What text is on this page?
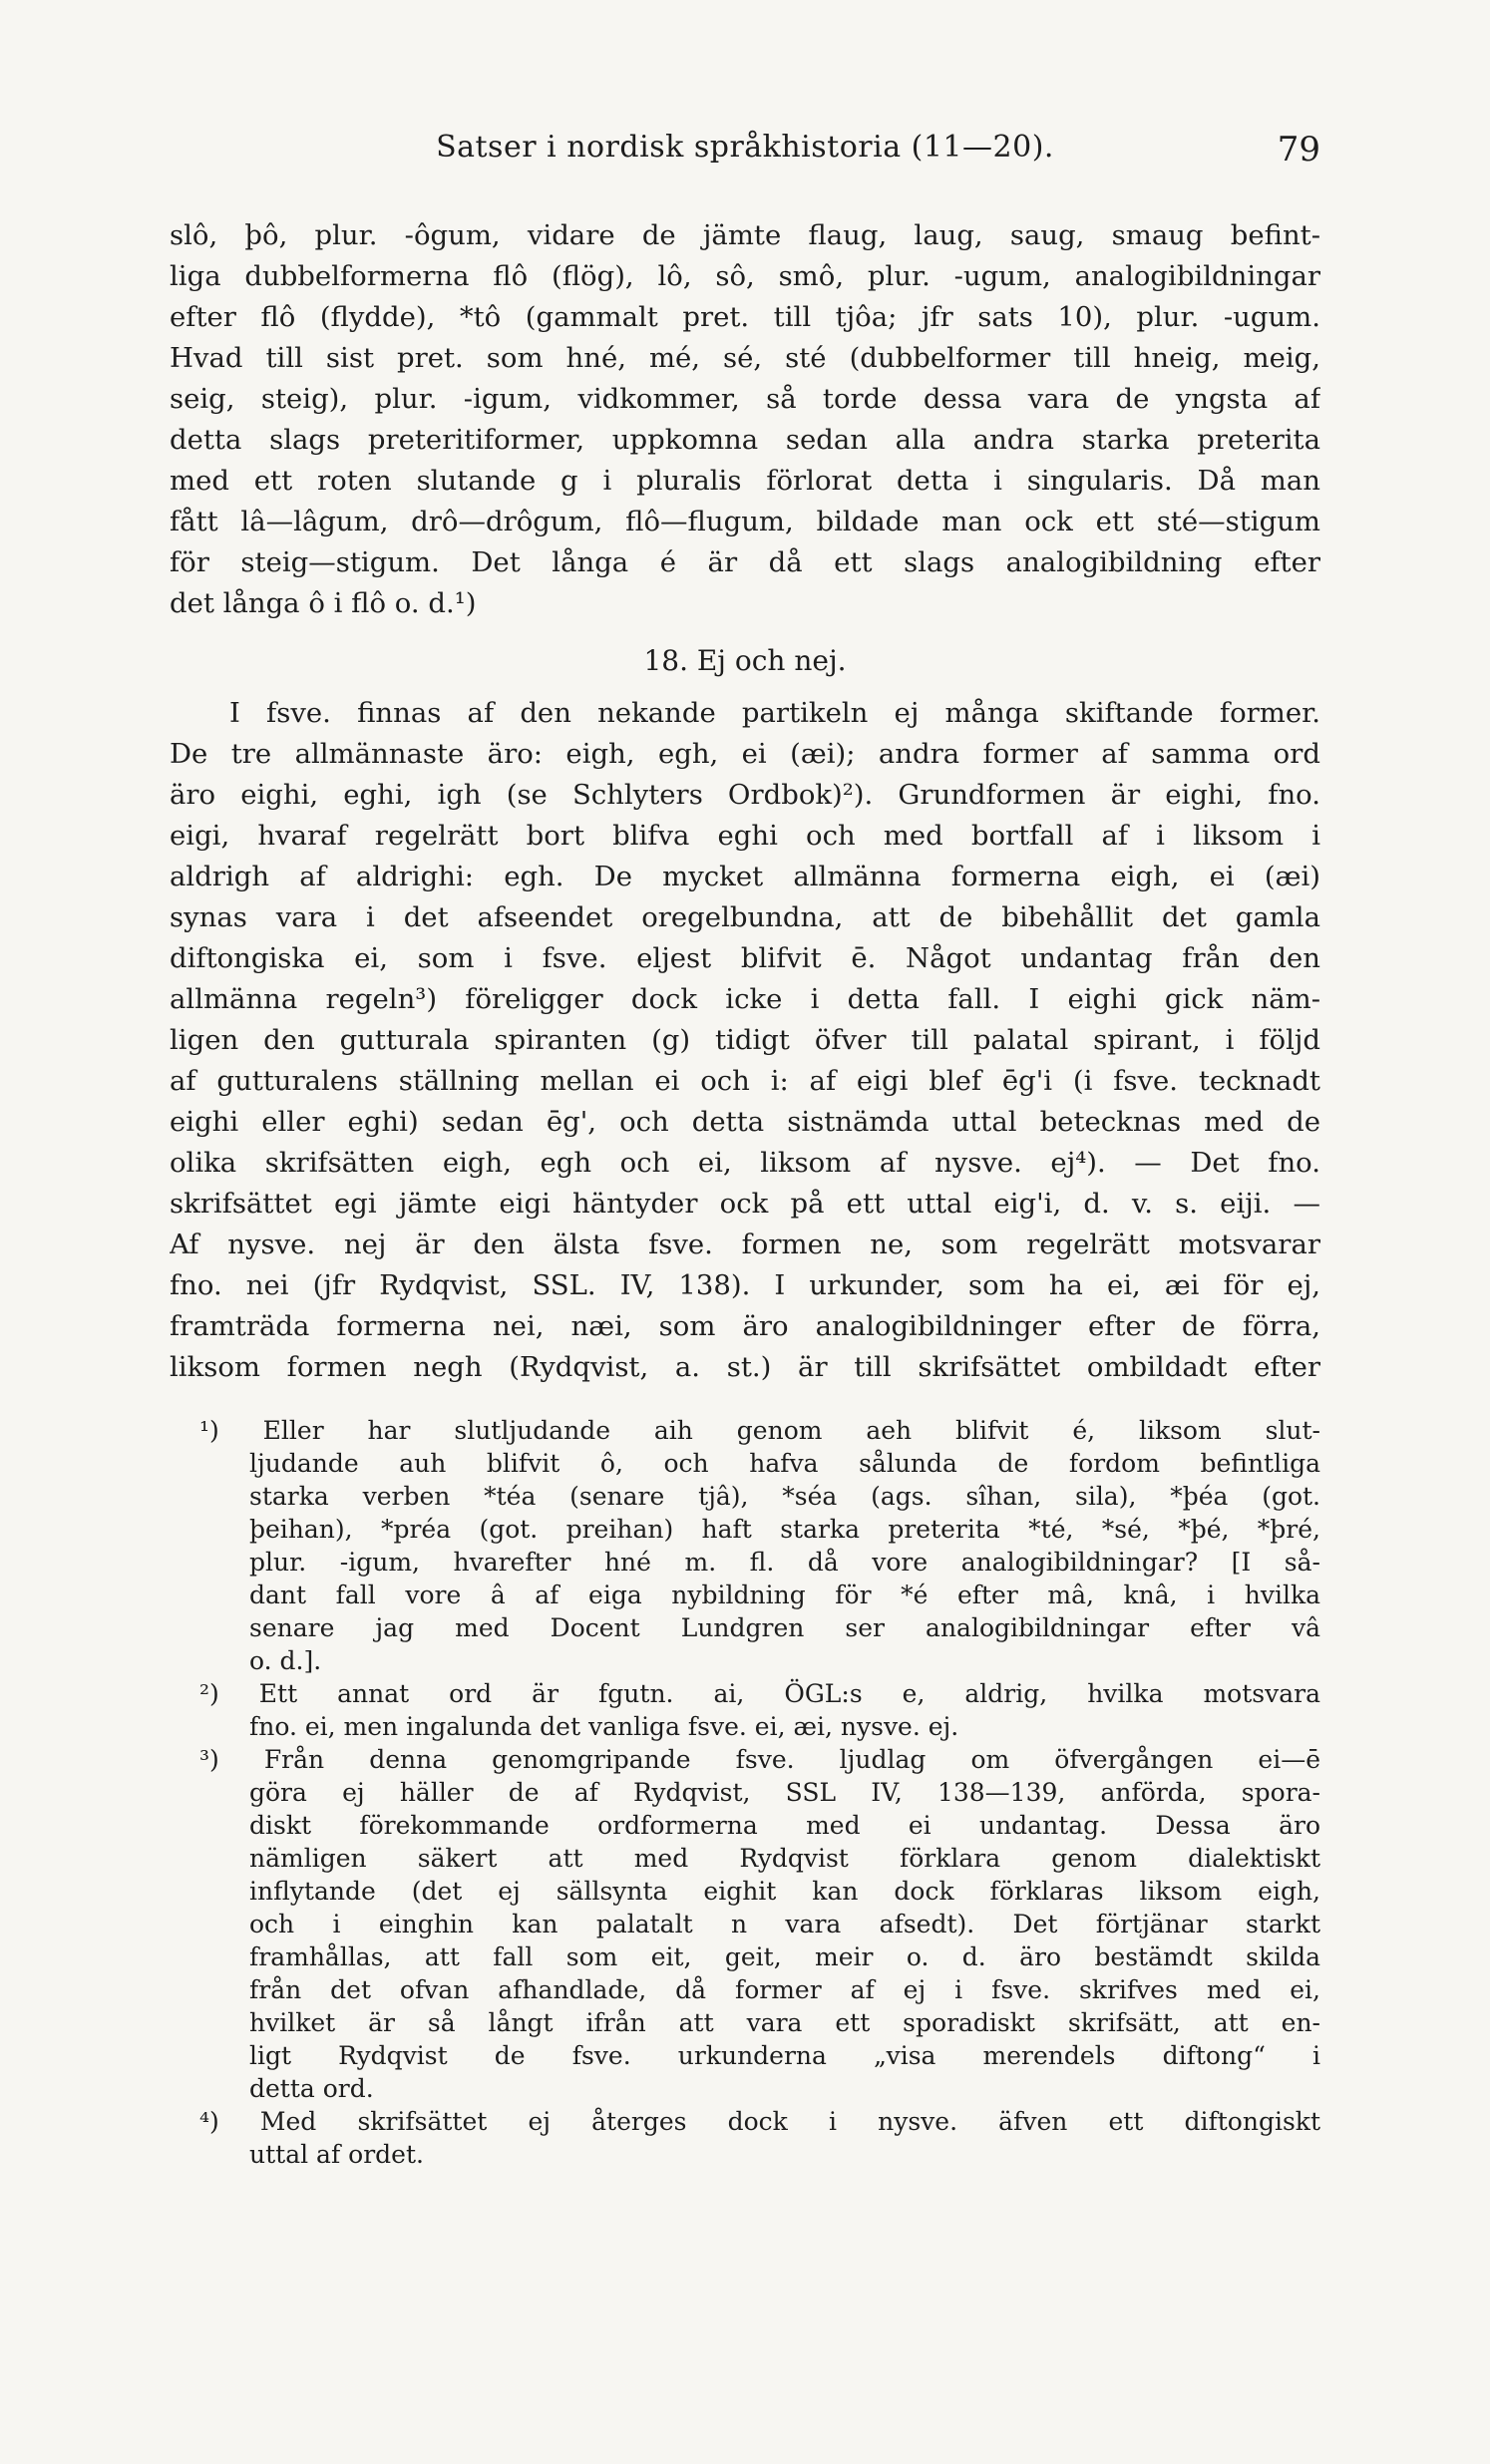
Satser i nordisk språkhistoria (11—20).	79
slô, þô, plur. -ôgum, vidare de jämte flaug, laug, saug, smaug befint-
liga dubbelformerna flô (flög), lô, sô, smô, plur. -ugum, analogibildningar
efter flô (flydde), *tô (gammalt pret. till tjôa; jfr sats 10), plur. -ugum.
Hvad till sist pret. som hné, mé, sé, sté (dubbelformer till hneig, meig,
seig, steig), plur. -igum, vidkommer, så torde dessa vara de yngsta af
detta slags preteritiformer, uppkomna sedan alla andra starka preterita
med ett roten slutande g i pluralis förlorat detta i singularis. Då man
fått lâ—lâgum, drô—drôgum, flô—flugum, bildade man ock ett sté—stigum
för steig—stigum. Det långa é är då ett slags analogibildning efter
det långa ô i flô o. d.¹)
18. Ej och nej.
I fsve. finnas af den nekande partikeln ej många skiftande former.
De tre allmännaste äro: eigh, egh, ei (æi); andra former af samma ord
äro eighi, eghi, igh (se Schlyters Ordbok)²). Grundformen är eighi, fno.
eigi, hvaraf regelrätt bort blifva eghi och med bortfall af i liksom i
aldrigh af aldrighi: egh. De mycket allmänna formerna eigh, ei (æi)
synas vara i det afseendet oregelbundna, att de bibehållit det gamla
diftongiska ei, som i fsve. eljest blifvit ē. Något undantag från den
allmänna regeln³) föreligger dock icke i detta fall. I eighi gick näm-
ligen den gutturala spiranten (g) tidigt öfver till palatal spirant, i följd
af gutturalens ställning mellan ei och i: af eigi blef ēg'i (i fsve. tecknadt
eighi eller eghi) sedan ēg', och detta sistnämda uttal betecknas med de
olika skrifsätten eigh, egh och ei, liksom af nysve. ej⁴). — Det fno.
skrifsättet egi jämte eigi häntyder ock på ett uttal eig'i, d. v. s. eiji. —
Af nysve. nej är den älsta fsve. formen ne, som regelrätt motsvarar
fno. nei (jfr Rydqvist, SSL. IV, 138). I urkunder, som ha ei, æi för ej,
framträda formerna nei, næi, som äro analogibildninger efter de förra,
liksom formen negh (Rydqvist, a. st.) är till skrifsättet ombildadt efter
¹) Eller har slutljudande aih genom aeh blifvit é, liksom slut-
ljudande auh blifvit ô, och hafva sålunda de fordom befintliga
starka verben *téa (senare tjâ), *séa (ags. sîhan, sila), *þéa (got.
þeihan), *préa (got. preihan) haft starka preterita *té, *sé, *þé, *þré,
plur. -igum, hvarefter hné m. fl. då vore analogibildningar? [I så-
dant fall vore â af eiga nybildning för *é efter mâ, knâ, i hvilka
senare jag med Docent Lundgren ser analogibildningar efter vâ
o. d.].
²) Ett annat ord är fgutn. ai, ÖGL:s e, aldrig, hvilka motsvara
fno. ei, men ingalunda det vanliga fsve. ei, æi, nysve. ej.
³) Från denna genomgripande fsve. ljudlag om öfvergången ei—ē
göra ej häller de af Rydqvist, SSL IV, 138—139, anförda, spora-
diskt förekommande ordformerna med ei undantag. Dessa äro
nämligen säkert att med Rydqvist förklara genom dialektiskt
inflytande (det ej sällsynta eighit kan dock förklaras liksom eigh,
och i einghin kan palatalt n vara afsedt). Det förtjänar starkt
framhållas, att fall som eit, geit, meir o. d. äro bestämdt skilda
från det ofvan afhandlade, då former af ej i fsve. skrifves med ei,
hvilket är så långt ifrån att vara ett sporadiskt skrifsätt, att en-
ligt Rydqvist de fsve. urkunderna „visa merendels diftong“ i
detta ord.
⁴) Med skrifsättet ej återges dock i nysve. äfven ett diftongiskt
uttal af ordet.
